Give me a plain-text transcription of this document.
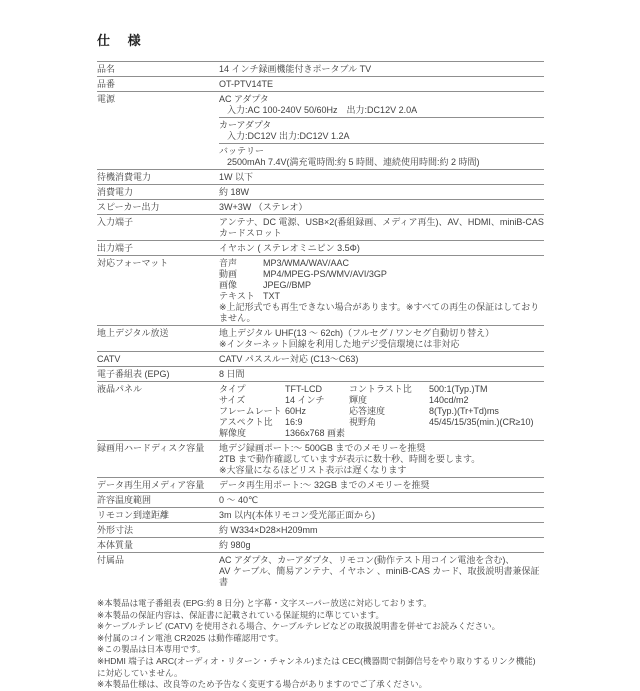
仕 様
品名	14 インチ録画機能付きポータブル TV
品番	OT-PTV14TE
電源	AC アダプタ
入力:AC 100-240V 50/60Hz　出力:DC12V 2.0A
カーアダプタ
入力:DC12V 出力:DC12V 1.2A
バッテリー
2500mAh 7.4V(満充電時間:約 5 時間、連続使用時間:約 2 時間)
待機消費電力	1W 以下
消費電力	約 18W
スピーカー出力	3W+3W （ステレオ）
入力端子	アンテナ、DC 電源、USB×2(番組録画、メディア再生)、AV、HDMI、miniB-CAS カードスロット
出力端子	イヤホン ( ステレオミニピン 3.5Φ)
対応フォーマット	音声	MP3/WMA/WAV/AAC
動画	MP4/MPEG-PS/WMV/AVI/3GP
画像	JPEG//BMP
テキスト TXT
※上記形式でも再生できない場合があります。※すべての再生の保証はしておりません。
地上デジタル放送	地上デジタル UHF(13 〜 62ch)（フルセグ / ワンセグ自動切り替え）
※インターネット回線を利用した地デジ受信環境には非対応
CATV	CATV パススルー対応 (C13〜C63)
電子番組表 (EPG)	8 日間
液晶パネル	タイプ	TFT-LCD	コントラスト比	500:1(Typ.)TM
サイズ	14 インチ	輝度	140cd/m2
フレームレート 60Hz	応答速度	8(Typ.)(Tr+Td)ms
アスペクト比	16:9	視野角	45/45/15/35(min.)(CR≥10)
解像度	1366x768 画素
録画用ハードディスク容量	地デジ録画ポート:〜 500GB までのメモリーを推奨
2TB まで動作確認していますが表示に数十秒、時間を要します。
※大容量になるほどリスト表示は遅くなります
データ再生用メディア容量	データ再生用ポート:〜 32GB までのメモリーを推奨
許容温度範囲	0 〜 40℃
リモコン到達距離	3m 以内(本体リモコン受光部正面から)
外形寸法	約 W334×D28×H209mm
本体質量	約 980g
付属品	AC アダプタ、カーアダプタ、リモコン(動作テスト用コイン電池を含む)、
AV ケーブル、簡易アンテナ、イヤホン 、miniB-CAS カード、取扱説明書兼保証書
※本製品は電子番組表 (EPG:約 8 日分) と字幕・文字スーパー放送に対応しております。
※本製品の保証内容は、保証書に記載されている保証規約に準じています。
※ケーブルテレビ (CATV) を使用される場合、ケーブルテレビなどの取扱説明書を併せてお読みください。
※付属のコイン電池 CR2025 は動作確認用です。
※この製品は日本専用です。
※HDMI 端子は ARC(オーディオ・リターン・チャンネル)または CEC(機器間で制御信号をやり取りするリンク機能)に対応していません。
※本製品仕様は、改良等のため予告なく変更する場合がありますのでご了承ください。
